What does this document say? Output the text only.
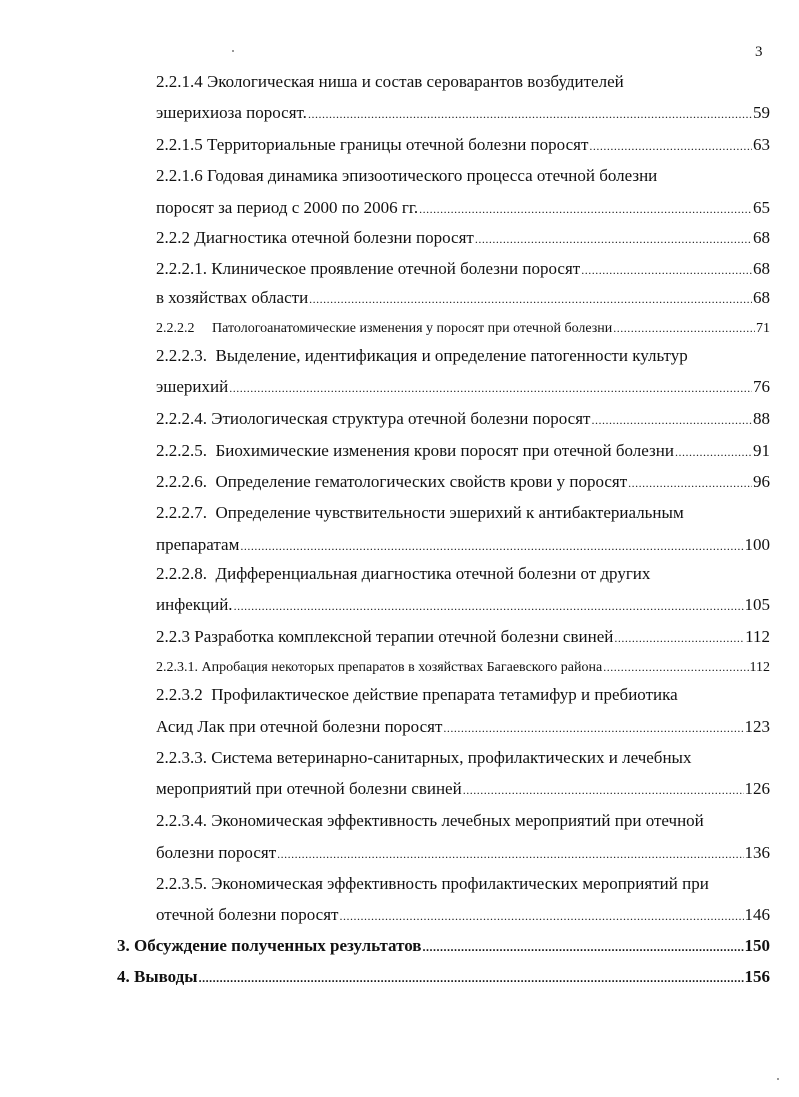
3
2.2.1.4 Экологическая ниша и состав сероварантов возбудителей
эшерихиоза поросят. .....	59
2.2.1.5 Территориальные границы отечной болезни поросят .....	63
2.2.1.6 Годовая динамика эпизоотического процесса отечной болезни
поросят за период с 2000 по 2006 гг. .....	65
2.2.2 Диагностика отечной болезни поросят .....	68
2.2.2.1. Клиническое проявление отечной болезни поросят .....	68
в хозяйствах области .....	68
2.2.2.2     Патологоанатомические изменения у поросят при отечной болезни .....	71
2.2.2.3.  Выделение, идентификация и определение патогенности культур
эшерихий .....	76
2.2.2.4. Этиологическая структура отечной болезни поросят .....	88
2.2.2.5.  Биохимические изменения крови поросят при отечной болезни .....	91
2.2.2.6.  Определение гематологических свойств крови у поросят .....	96
2.2.2.7.  Определение чувствительности эшерихий к антибактериальным
препаратам .....	100
2.2.2.8.  Дифференциальная диагностика отечной болезни от других
инфекций. .....	105
2.2.3 Разработка комплексной терапии отечной болезни свиней .....	112
2.2.3.1. Апробация некоторых препаратов в хозяйствах Багаевского района .....	112
2.2.3.2  Профилактическое действие препарата тетамифур и пребиотика
Асид Лак при отечной болезни поросят .....	123
2.2.3.3. Система ветеринарно-санитарных, профилактических и лечебных
мероприятий при отечной болезни свиней .....	126
2.2.3.4. Экономическая эффективность лечебных мероприятий при отечной
болезни поросят .....	136
2.2.3.5. Экономическая эффективность профилактических мероприятий при
отечной болезни поросят .....	146
3. Обсуждение полученных результатов .....	150
4. Выводы .....	156
